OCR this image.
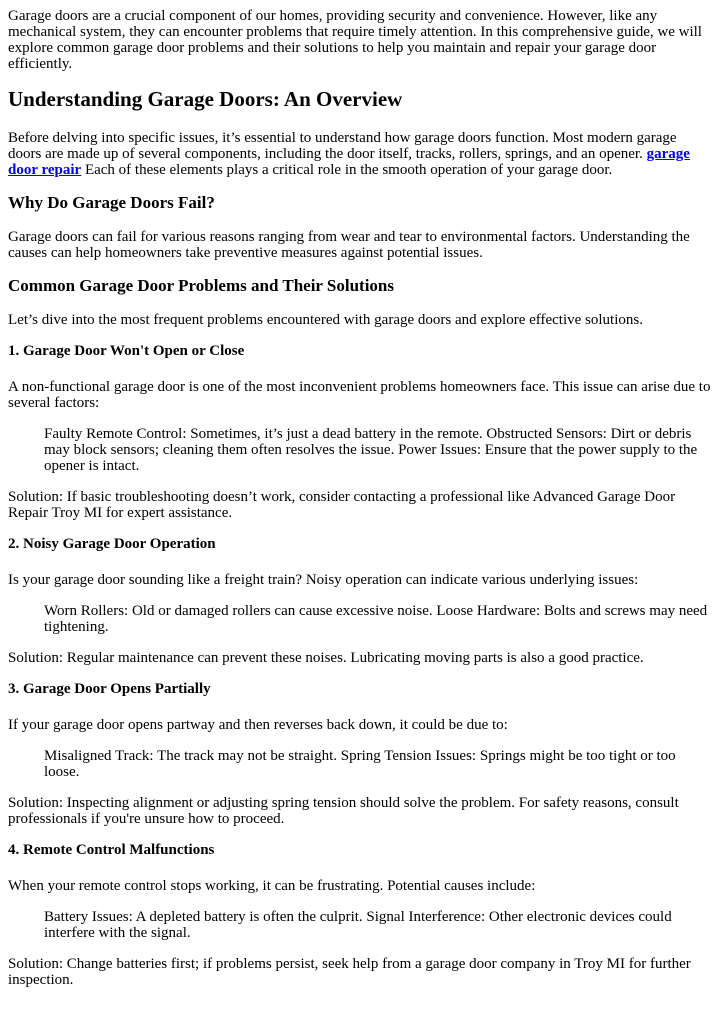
Garage doors are a crucial component of our homes, providing security and convenience. However, like any mechanical system, they can encounter problems that require timely attention. In this comprehensive guide, we will explore common garage door problems and their solutions to help you maintain and repair your garage door efficiently.

Understanding Garage Doors: An Overview

Before delving into specific issues, it’s essential to understand how garage doors function. Most modern garage doors are made up of several components, including the door itself, tracks, rollers, springs, and an opener. garage door repair Each of these elements plays a critical role in the smooth operation of your garage door.

Why Do Garage Doors Fail?

Garage doors can fail for various reasons ranging from wear and tear to environmental factors. Understanding the causes can help homeowners take preventive measures against potential issues.

Common Garage Door Problems and Their Solutions

Let’s dive into the most frequent problems encountered with garage doors and explore effective solutions.

1. Garage Door Won't Open or Close

A non-functional garage door is one of the most inconvenient problems homeowners face. This issue can arise due to several factors:

Faulty Remote Control: Sometimes, it’s just a dead battery in the remote. Obstructed Sensors: Dirt or debris may block sensors; cleaning them often resolves the issue. Power Issues: Ensure that the power supply to the opener is intact.

Solution: If basic troubleshooting doesn’t work, consider contacting a professional like Advanced Garage Door Repair Troy MI for expert assistance.

2. Noisy Garage Door Operation

Is your garage door sounding like a freight train? Noisy operation can indicate various underlying issues:

Worn Rollers: Old or damaged rollers can cause excessive noise. Loose Hardware: Bolts and screws may need tightening.

Solution: Regular maintenance can prevent these noises. Lubricating moving parts is also a good practice.

3. Garage Door Opens Partially

If your garage door opens partway and then reverses back down, it could be due to:

Misaligned Track: The track may not be straight. Spring Tension Issues: Springs might be too tight or too loose.

Solution: Inspecting alignment or adjusting spring tension should solve the problem. For safety reasons, consult professionals if you're unsure how to proceed.

4. Remote Control Malfunctions

When your remote control stops working, it can be frustrating. Potential causes include:

Battery Issues: A depleted battery is often the culprit. Signal Interference: Other electronic devices could interfere with the signal.

Solution: Change batteries first; if problems persist, seek help from a garage door company in Troy MI for further inspection.
